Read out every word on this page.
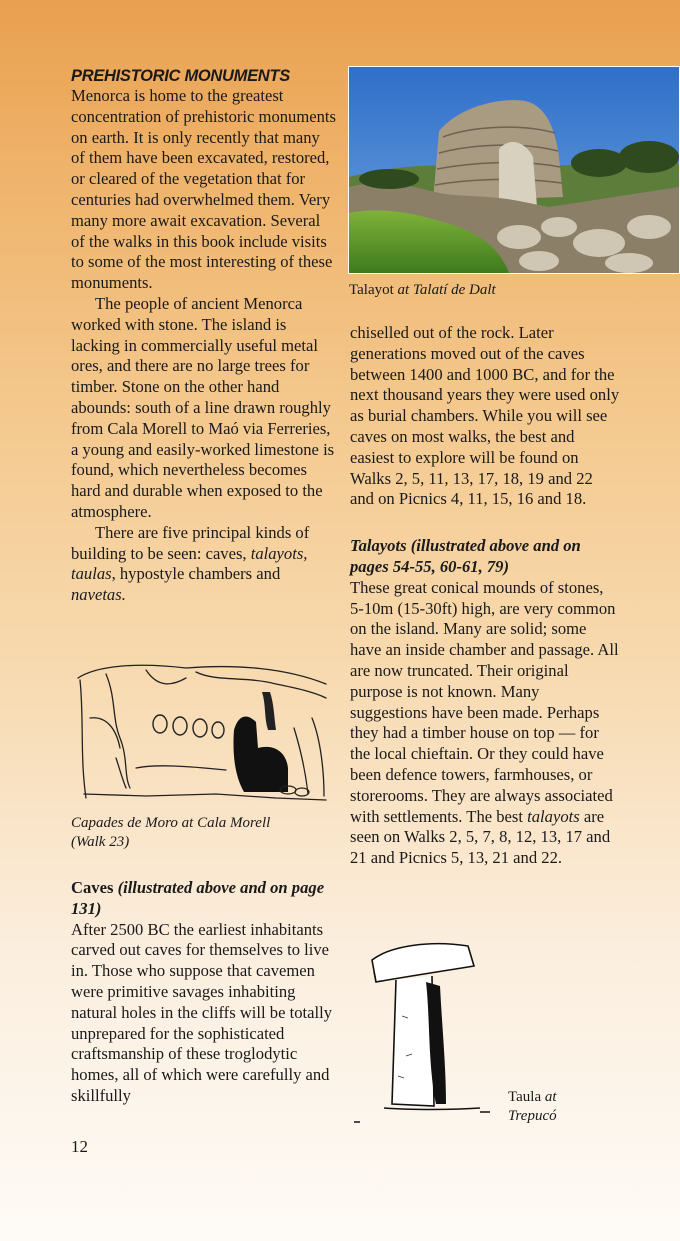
PREHISTORIC MONUMENTS

Menorca is home to the greatest concentration of prehistoric monuments on earth. It is only recently that many of them have been excavated, restored, or cleared of the vegetation that for centuries had overwhelmed them. Very many more await excavation. Several of the walks in this book include visits to some of the most interesting of these monuments.

The people of ancient Menorca worked with stone. The island is lacking in commercially useful metal ores, and there are no large trees for timber. Stone on the other hand abounds: south of a line drawn roughly from Cala Morell to Maó via Ferreries, a young and easily-worked limestone is found, which nevertheless becomes hard and durable when exposed to the atmosphere.

There are five principal kinds of building to be seen: caves, talayots, taulas, hypostyle chambers and navetas.

Capades de Moro at Cala Morell
(Walk 23)
Caves (illustrated above and on page 131)

After 2500 BC the earliest inhabitants carved out caves for themselves to live in. Those who suppose that cavemen were primitive savages inhabiting natural holes in the cliffs will be totally unprepared for the sophisticated craftsmanship of these troglodytic homes, all of which were carefully and skillfully

Talayot at Talatí de Dalt

chiselled out of the rock. Later generations moved out of the caves between 1400 and 1000 BC, and for the next thousand years they were used only as burial chambers. While you will see caves on most walks, the best and easiest to explore will be found on Walks 2, 5, 11, 13, 17, 18, 19 and 22 and on Picnics 4, 11, 15, 16 and 18.

Talayots (illustrated above and on pages 54-55, 60-61, 79)

These great conical mounds of stones, 5-10m (15-30ft) high, are very common on the island. Many are solid; some have an inside chamber and passage. All are now truncated. Their original purpose is not known. Many suggestions have been made. Perhaps they had a timber house on top — for the local chieftain. Or they could have been defence towers, farmhouses, or storerooms. They are always associated with settlements. The best talayots are seen on Walks 2, 5, 7, 8, 12, 13, 17 and 21 and Picnics 5, 13, 21 and 22.

Taula at
Trepucó
12
